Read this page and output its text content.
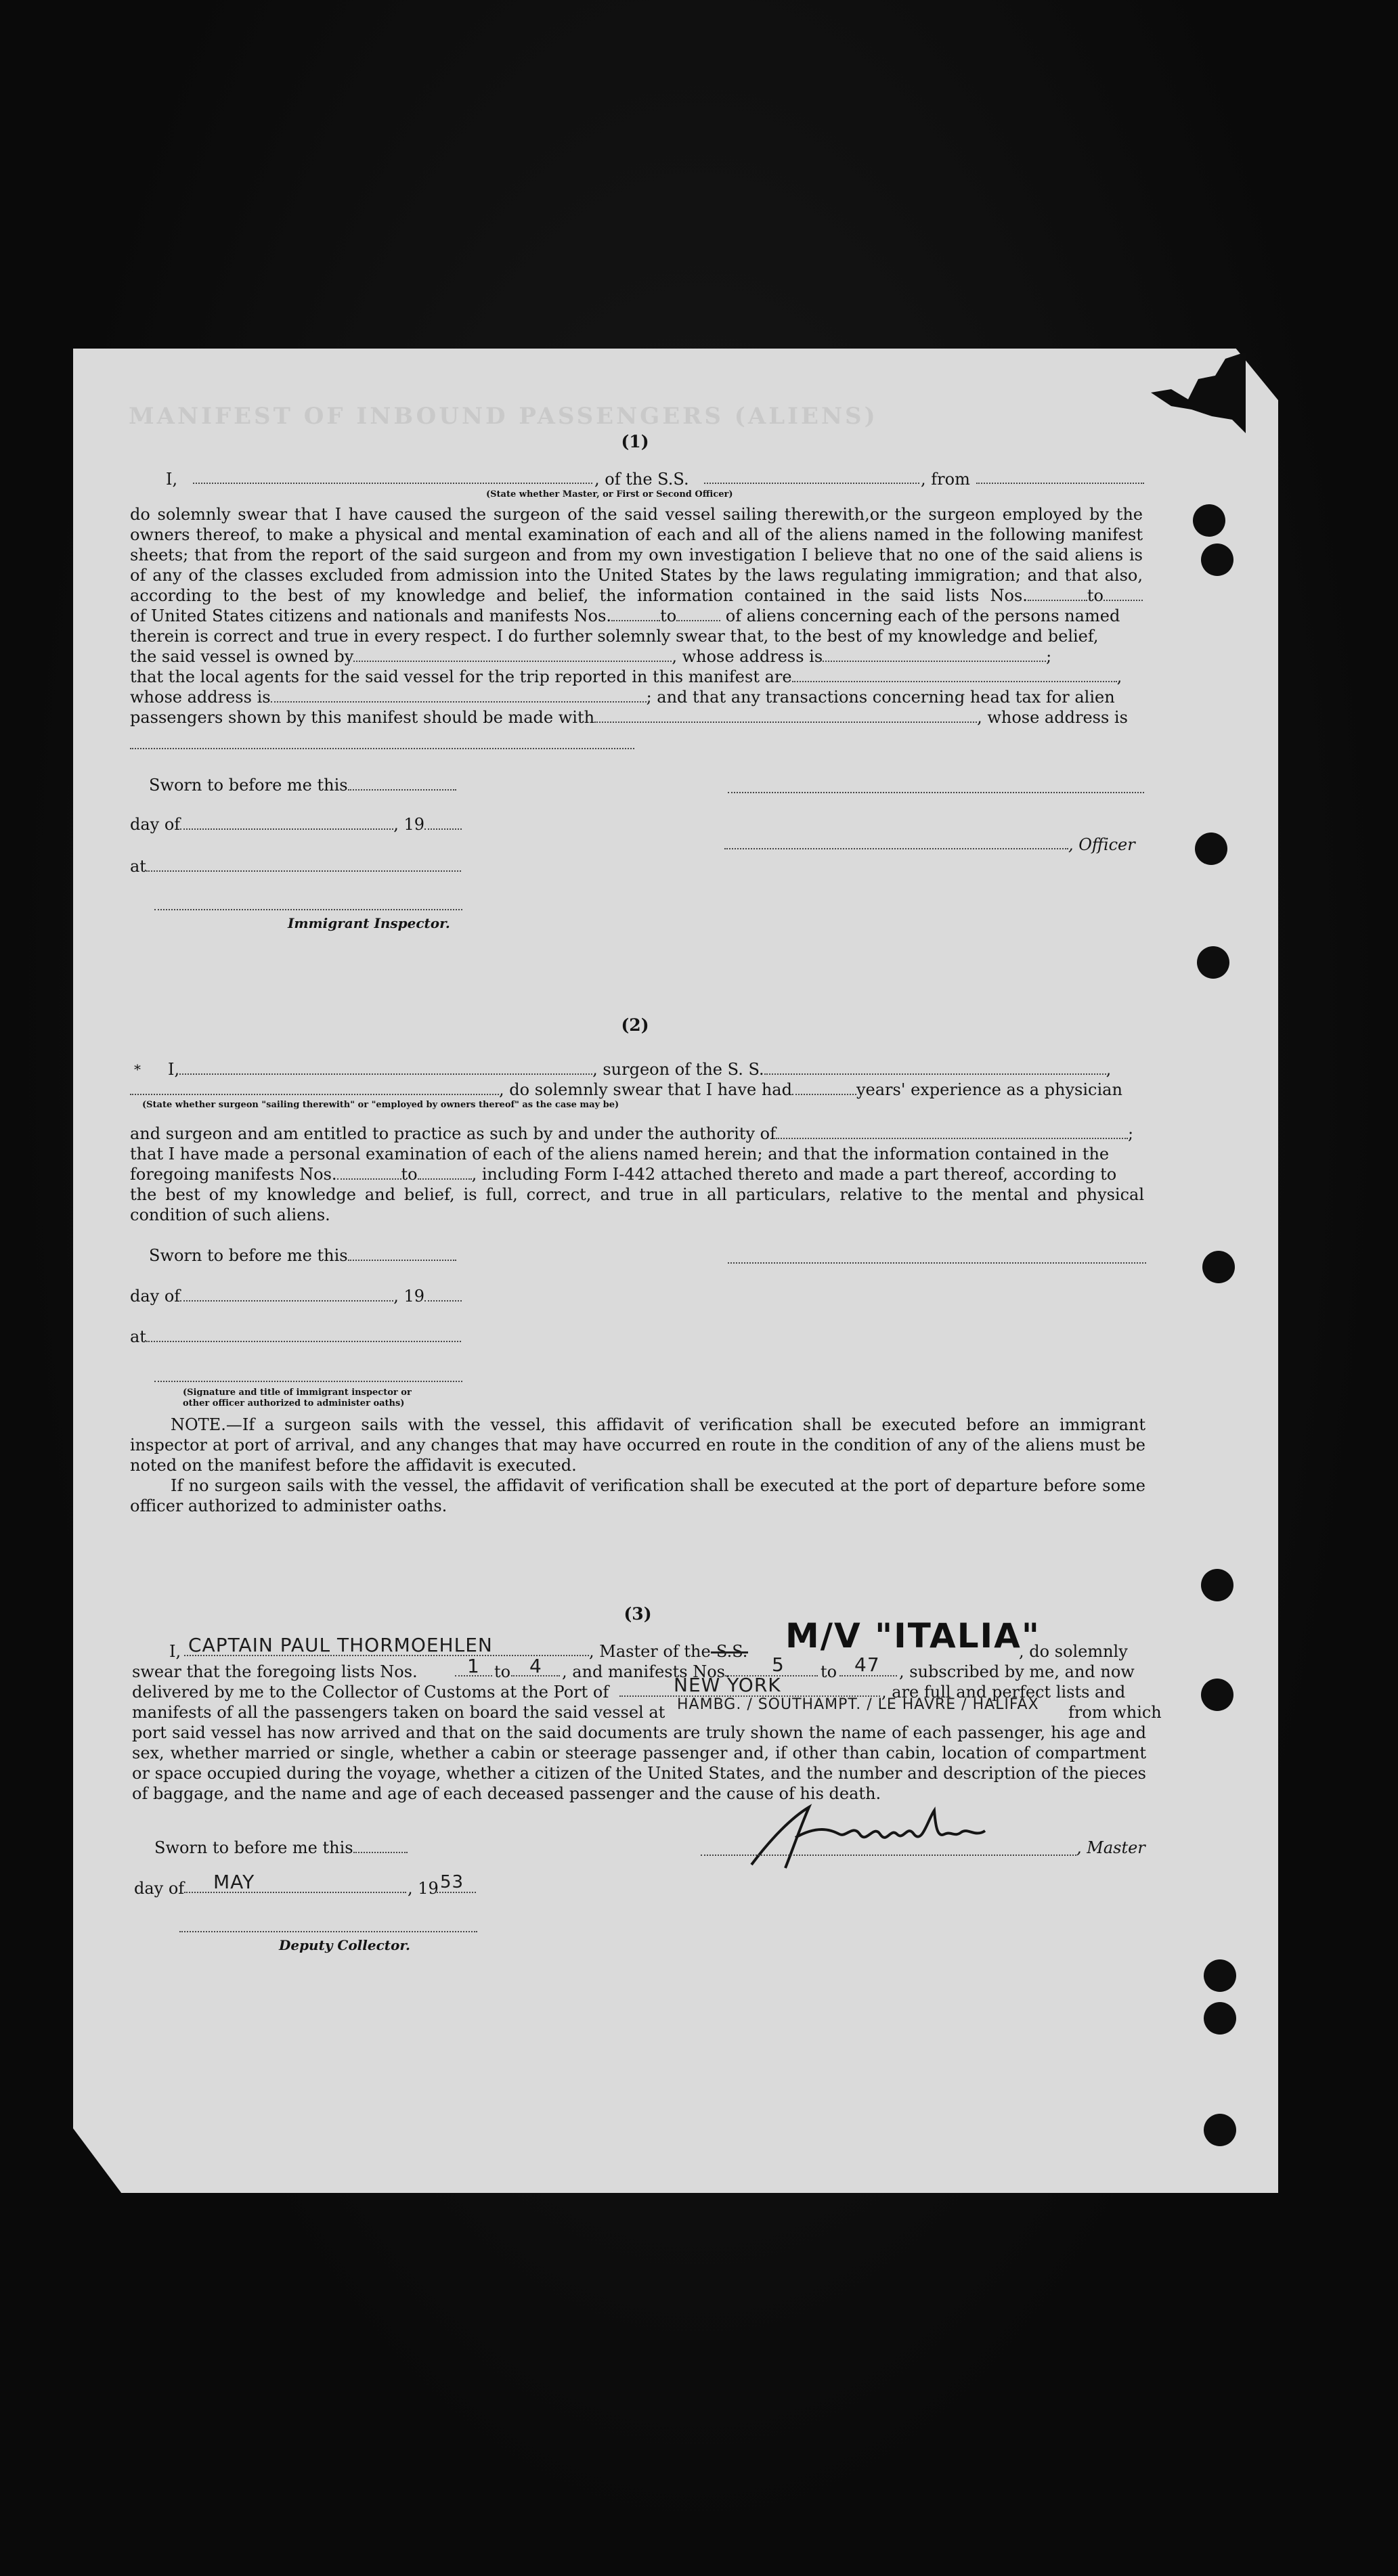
MANIFEST OF INBOUND PASSENGERS (ALIENS)
(1)
I,	, of the S.S.	, from
(State whether Master, or First or Second Officer)
do solemnly swear that I have caused the surgeon of the said vessel sailing therewith,or the surgeon employed by the owners thereof, to make a physical and mental examination of each and all of the aliens named in the following manifest sheets; that from the report of the said surgeon and from my own investigation I believe that no one of the said aliens is of any of the classes excluded from admission into the United States by the laws regulating immigration; and that also, according to the best of my knowledge and belief, the information contained in the said lists Nos.	to
of United States citizens and nationals and manifests Nos.	to	of aliens concerning each of the persons named
therein is correct and true in every respect. I do further solemnly swear that, to the best of my knowledge and belief,
the said vessel is owned by	, whose address is	;
that the local agents for the said vessel for the trip reported in this manifest are	,
whose address is	; and that any transactions concerning head tax for alien
passengers shown by this manifest should be made with	, whose address is
Sworn to before me this
day of	, 19
, Officer
at
Immigrant Inspector.
(2)
* I,	, surgeon of the S. S.	,
, do solemnly swear that I have had	years' experience as a physician
(State whether surgeon "sailing therewith" or "employed by owners thereof" as the case may be)
and surgeon and am entitled to practice as such by and under the authority of	;
that I have made a personal examination of each of the aliens named herein; and that the information contained in the
foregoing manifests Nos.	to	, including Form I-442 attached thereto and made a part thereof, according to
the best of my knowledge and belief, is full, correct, and true in all particulars, relative to the mental and physical condition of such aliens.
Sworn to before me this
day of	, 19
at
(Signature and title of immigrant inspector or
other officer authorized to administer oaths)
NOTE.—If a surgeon sails with the vessel, this affidavit of verification shall be executed before an immigrant inspector at port of arrival, and any changes that may have occurred en route in the condition of any of the aliens must be noted on the manifest before the affidavit is executed.
If no surgeon sails with the vessel, the affidavit of verification shall be executed at the port of departure before some officer authorized to administer oaths.
(3)
I, CAPTAIN PAUL THORMOEHLEN	, Master of the S.S. M/V "ITALIA"
, do solemnly
swear that the foregoing lists Nos.	1 to 4 , and manifests Nos. 5 to 47 , subscribed by me, and now
delivered by me to the Collector of Customs at the Port of	NEW YORK	, are full and perfect lists and
manifests of all the passengers taken on board the said vessel at HAMBG. / SOUTHAMPT. / LE HAVRE / HALIFAX from which
port said vessel has now arrived and that on the said documents are truly shown the name of each passenger, his age and sex, whether married or single, whether a cabin or steerage passenger and, if other than cabin, location of compartment or space occupied during the voyage, whether a citizen of the United States, and the number and description of the pieces of baggage, and the name and age of each deceased passenger and the cause of his death.
Sworn to before me this	, Master
day of MAY	, 19 53
Deputy Collector.
